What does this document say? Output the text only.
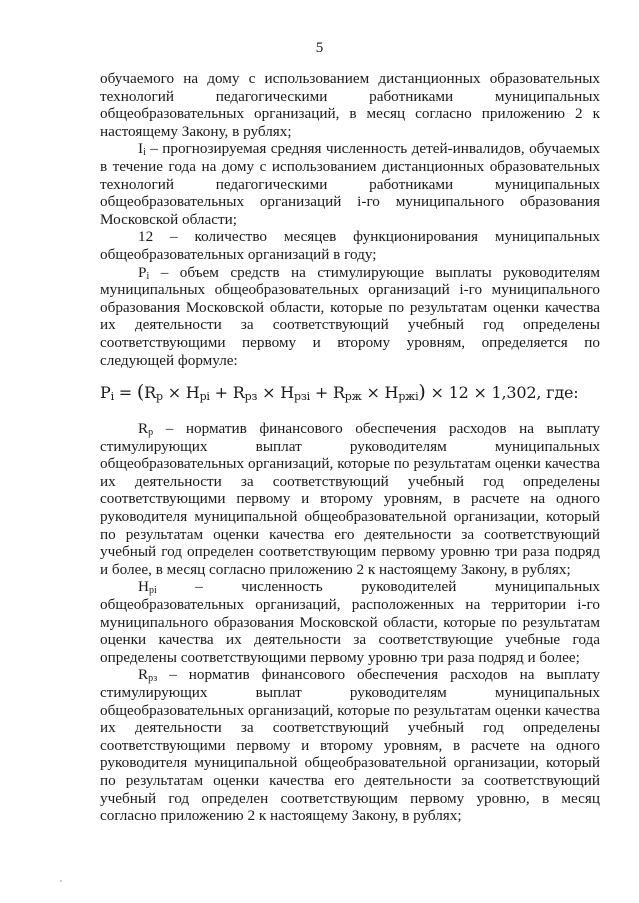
5

обучаемого на дому с использованием дистанционных образовательных технологий педагогическими работниками муниципальных общеобразовательных организаций, в месяц согласно приложению 2 к настоящему Закону, в рублях;

$I_i$ – прогнозируемая средняя численность детей-инвалидов, обучаемых в течение года на дому с использованием дистанционных образовательных технологий педагогическими работниками муниципальных общеобразовательных организаций i-го муниципального образования Московской области;

12 – количество месяцев функционирования муниципальных общеобразовательных организаций в году;

$P_i$ – объем средств на стимулирующие выплаты руководителям муниципальных общеобразовательных организаций i-го муниципального образования Московской области, которые по результатам оценки качества их деятельности за соответствующий учебный год определены соответствующими первому и второму уровням, определяется по следующей формуле:

$P_i = (R_р \times H_{рi} + R_{рз} \times H_{рзi} + R_{рж} \times H_{ржi}) \times 12 \times 1,302$, где:

$R_р$ – норматив финансового обеспечения расходов на выплату стимулирующих выплат руководителям муниципальных общеобразовательных организаций, которые по результатам оценки качества их деятельности за соответствующий учебный год определены соответствующими первому и второму уровням, в расчете на одного руководителя муниципальной общеобразовательной организации, который по результатам оценки качества его деятельности за соответствующий учебный год определен соответствующим первому уровню три раза подряд и более, в месяц согласно приложению 2 к настоящему Закону, в рублях;

$H_{pi}$ – численность руководителей муниципальных общеобразовательных организаций, расположенных на территории i-го муниципального образования Московской области, которые по результатам оценки качества их деятельности за соответствующие учебные года определены соответствующими первому уровню три раза подряд и более;

$R_{рз}$ – норматив финансового обеспечения расходов на выплату стимулирующих выплат руководителям муниципальных общеобразовательных организаций, которые по результатам оценки качества их деятельности за соответствующий учебный год определены соответствующими первому и второму уровням, в расчете на одного руководителя муниципальной общеобразовательной организации, который по результатам оценки качества его деятельности за соответствующий учебный год определен соответствующим первому уровню, в месяц согласно приложению 2 к настоящему Закону, в рублях;
